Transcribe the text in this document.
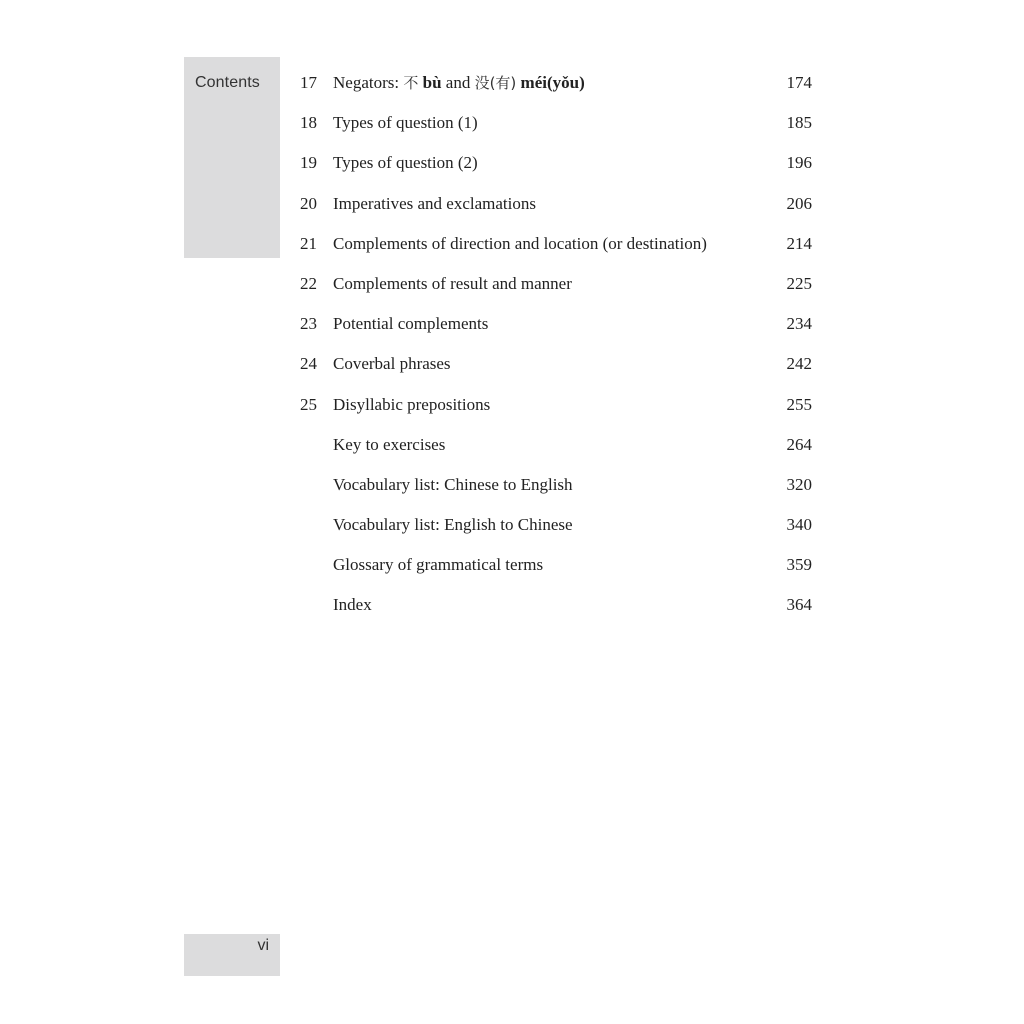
Contents	17 Negators: 不 bù and 没(有) méi(yǒu)	174
18 Types of question (1)	185
19 Types of question (2)	196
20 Imperatives and exclamations	206
21 Complements of direction and location (or destination)	214
22 Complements of result and manner	225
23 Potential complements	234
24 Coverbal phrases	242
25 Disyllabic prepositions	255
Key to exercises	264
Vocabulary list: Chinese to English	320
Vocabulary list: English to Chinese	340
Glossary of grammatical terms	359
Index	364
vi
